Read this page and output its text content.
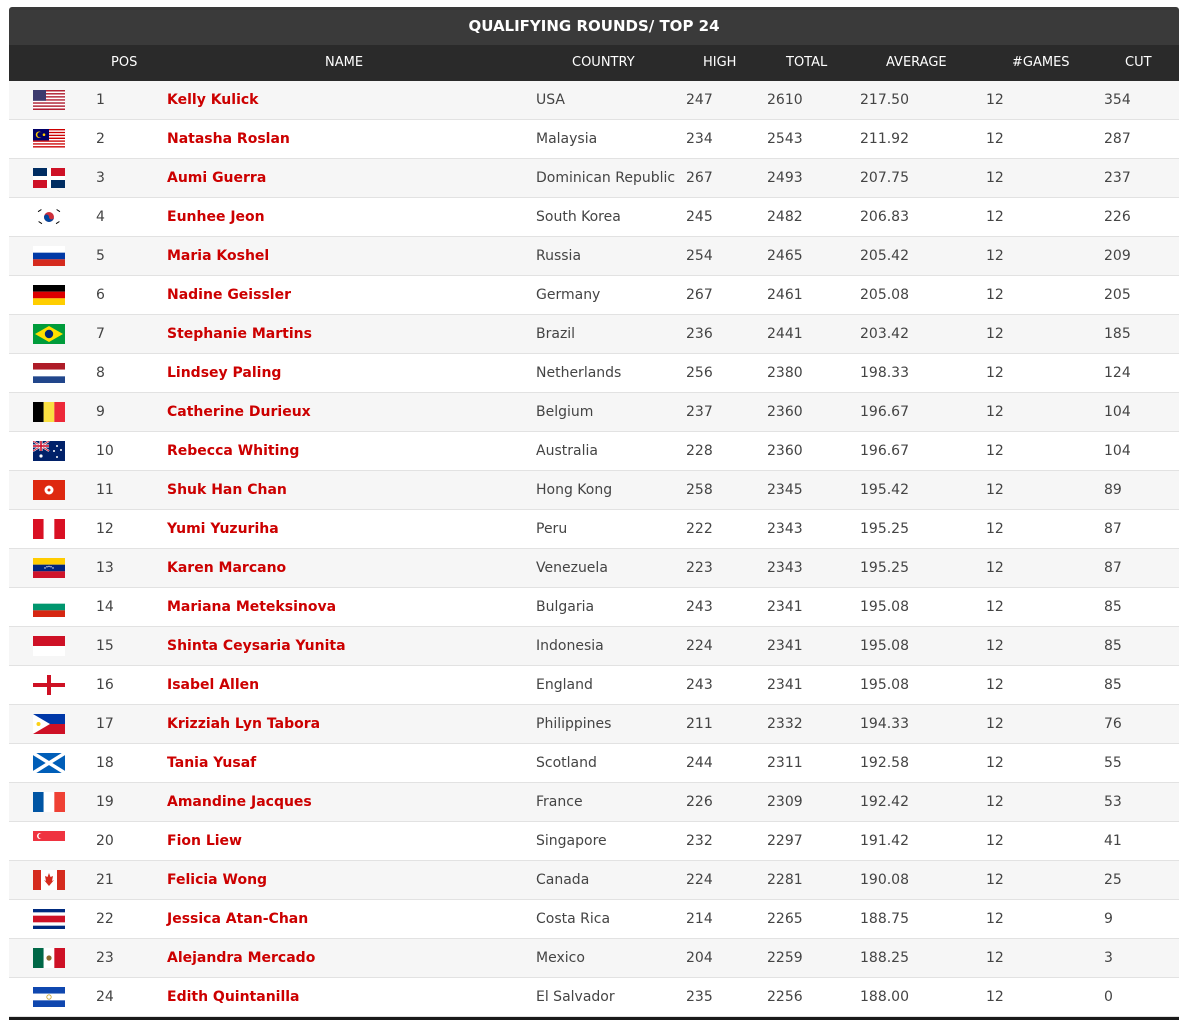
QUALIFYING ROUNDS/ TOP 24
POS	NAME	COUNTRY	HIGH	TOTAL	AVERAGE	#GAMES	CUT
1	Kelly Kulick	USA	247	2610	217.50	12	354
2	Natasha Roslan	Malaysia	234	2543	211.92	12	287
3	Aumi Guerra	Dominican Republic 267	2493	207.75	12	237
4	Eunhee Jeon	South Korea	245	2482	206.83	12	226
5	Maria Koshel	Russia	254	2465	205.42	12	209
6	Nadine Geissler	Germany	267	2461	205.08	12	205
7	Stephanie Martins	Brazil	236	2441	203.42	12	185
8	Lindsey Paling	Netherlands	256	2380	198.33	12	124
9	Catherine Durieux	Belgium	237	2360	196.67	12	104
10	Rebecca Whiting	Australia	228	2360	196.67	12	104
11	Shuk Han Chan	Hong Kong	258	2345	195.42	12	89
12	Yumi Yuzuriha	Peru	222	2343	195.25	12	87
13	Karen Marcano	Venezuela	223	2343	195.25	12	87
14	Mariana Meteksinova	Bulgaria	243	2341	195.08	12	85
15	Shinta Ceysaria Yunita	Indonesia	224	2341	195.08	12	85
16	Isabel Allen	England	243	2341	195.08	12	85
17	Krizziah Lyn Tabora	Philippines	211	2332	194.33	12	76
18	Tania Yusaf	Scotland	244	2311	192.58	12	55
19	Amandine Jacques	France	226	2309	192.42	12	53
20	Fion Liew	Singapore	232	2297	191.42	12	41
21	Felicia Wong	Canada	224	2281	190.08	12	25
22	Jessica Atan-Chan	Costa Rica	214	2265	188.75	12	9
23	Alejandra Mercado	Mexico	204	2259	188.25	12	3
24	Edith Quintanilla	El Salvador	235	2256	188.00	12	0
